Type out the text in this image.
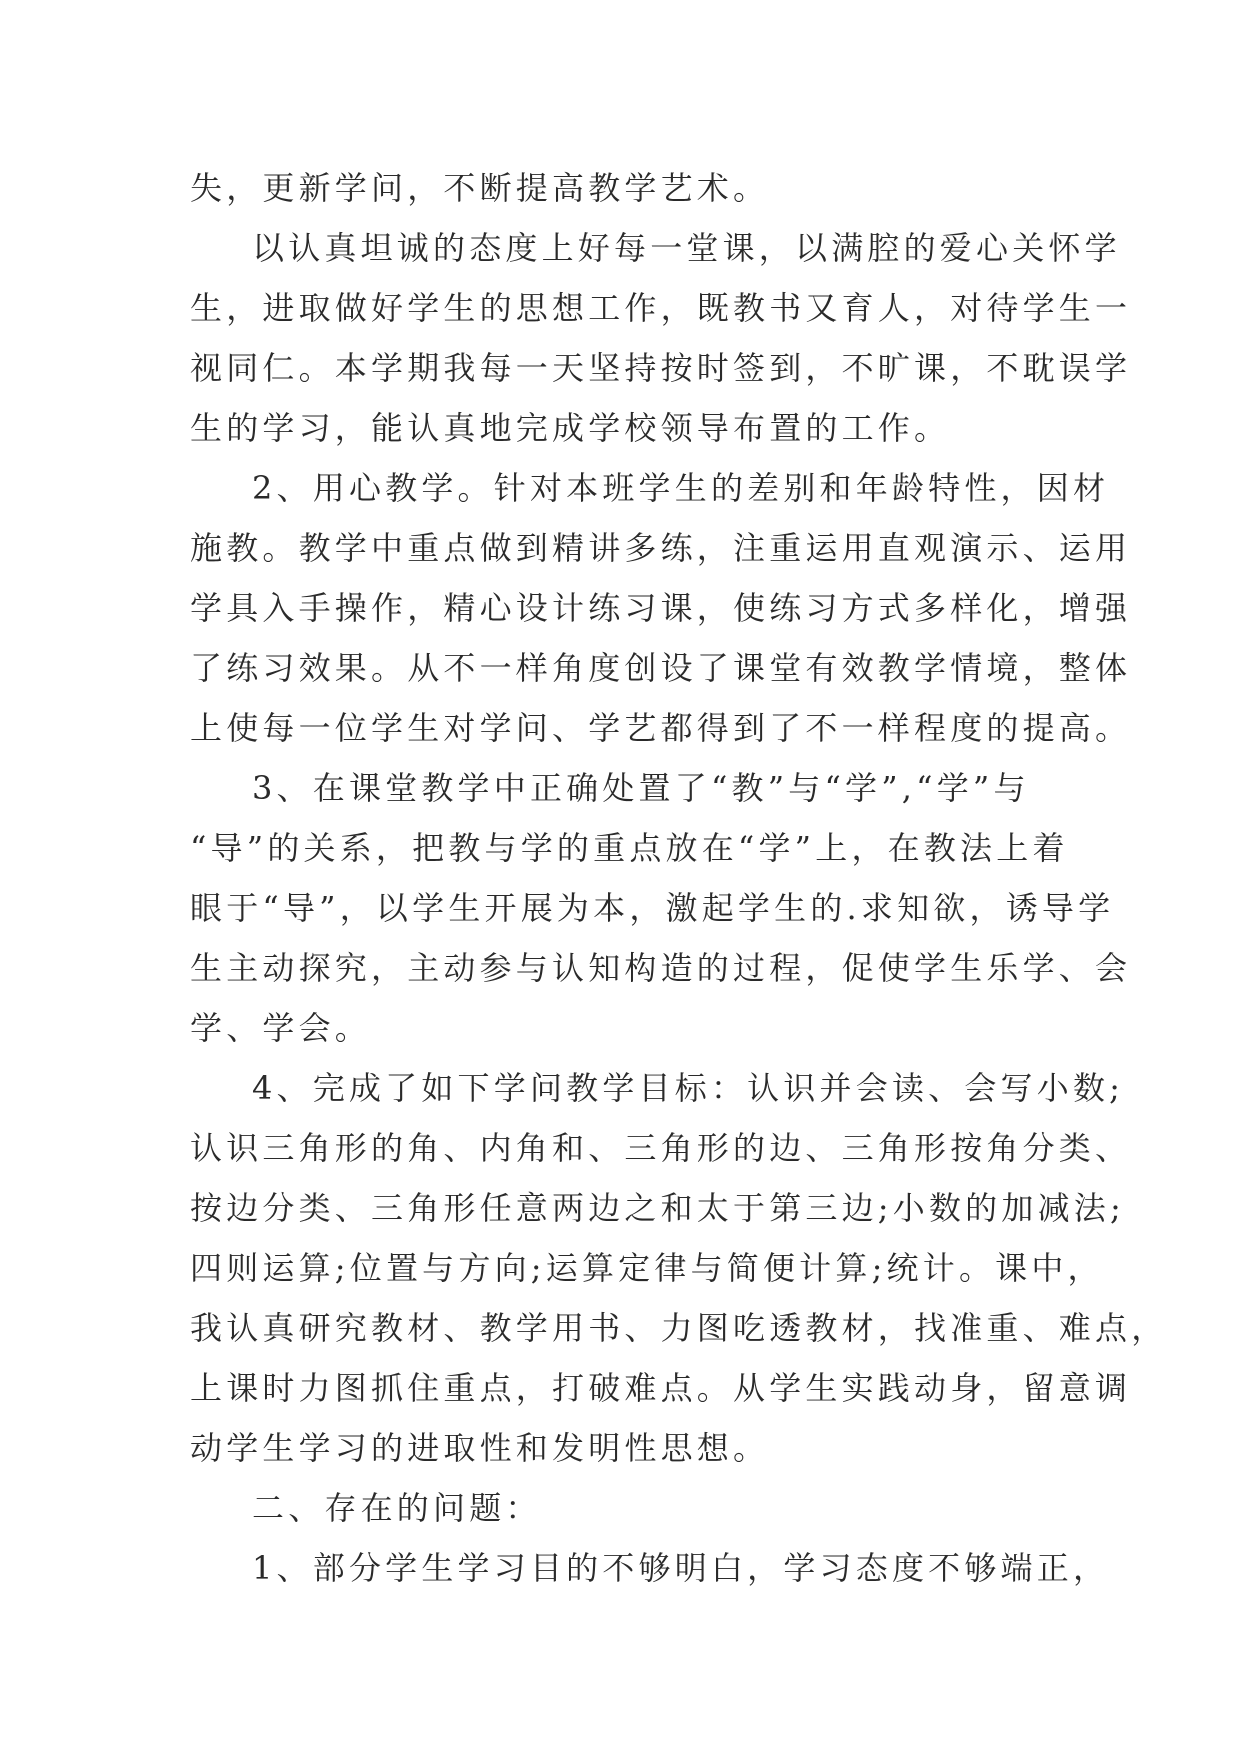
失，更新学问，不断提高教学艺术。
以认真坦诚的态度上好每一堂课，以满腔的爱心关怀学
生，进取做好学生的思想工作，既教书又育人，对待学生一
视同仁。本学期我每一天坚持按时签到，不旷课，不耽误学
生的学习，能认真地完成学校领导布置的工作。
2、用心教学。针对本班学生的差别和年龄特性，因材
施教。教学中重点做到精讲多练，注重运用直观演示、运用
学具入手操作，精心设计练习课，使练习方式多样化，增强
了练习效果。从不一样角度创设了课堂有效教学情境，整体
上使每一位学生对学问、学艺都得到了不一样程度的提高。
3、在课堂教学中正确处置了“教”与“学”,“学”与
“导”的关系，把教与学的重点放在“学”上，在教法上着
眼于“导”，以学生开展为本，激起学生的.求知欲，诱导学
生主动探究，主动参与认知构造的过程，促使学生乐学、会
学、学会。
4、完成了如下学问教学目标：认识并会读、会写小数;
认识三角形的角、内角和、三角形的边、三角形按角分类、
按边分类、三角形任意两边之和太于第三边;小数的加减法;
四则运算;位置与方向;运算定律与简便计算;统计。课中，
我认真研究教材、教学用书、力图吃透教材，找准重、难点，
上课时力图抓住重点，打破难点。从学生实践动身，留意调
动学生学习的进取性和发明性思想。
二、存在的问题：
1、部分学生学习目的不够明白，学习态度不够端正，
